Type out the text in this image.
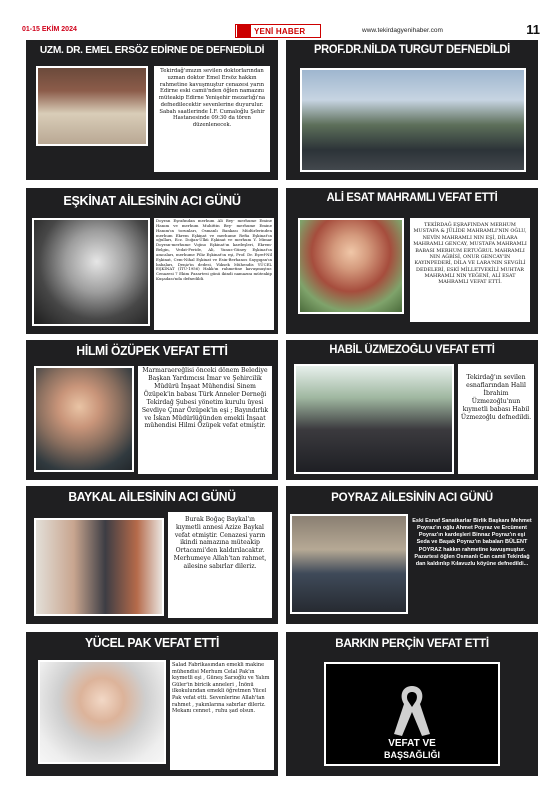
01-15 EKİM 2024	YENİ HABER	www.tekirdagyenihaber.com	11
UZM. DR. EMEL ERSÖZ EDİRNE DE DEFNEDİLDİ
Tekirdağ'ımızın sevilen doktorlarından uzman doktor Emel Ersöz hakkın rahmetine kavuşmuştur cenazesi yarın Edirne eski camii'nden öğlen namazını müteakip Edirne Yenişehir mezarlığı'na defnedilecektir sevenlerine duyurulur. Sabah saatlerinde İ.F. Cumaloğlu Şehir Hastanesinde 09:30 da tören düzenlenecek.
PROF.DR.NİLDA TURGUT DEFNEDİLDİ
EŞKİNAT AİLESİNİN ACI GÜNÜ
Doyran Eşrafından merhum Ali Bey- merhume Emine Hanım ve merhum Muhittin Bey- merhume Emine Hanım'ın torunları, Osmanlı Bankası Müdürlerinden merhum Ekrem Eşkinat ve merhume Refia Eşkinat'ın oğulları, Ecz. Doğan-Ülkü Eşkinat ve merhum Y. Mimar Doyran-merhume Vojino Eşkinat'ın kardeşleri, Ekrem-Belgin, Vedat-Feride, Ali, Yunus-Güney Eşkinat'ın amcaları, merhume Filiz Eşkinat'ın eşi, Prof. Dr. Eşref-Nil Eşkinat, Cem-Nihal Eşkinat ve Esin-Berhanos Saygıgan'ın babaları, Deniz'in dedesi, Yüksek Mühendis YÜCEL EŞKİNAT (İTÜ-1956) Hakk'ın rahmetine kavuşmuştur. Cenazesi 7 Ekim Pazartesi günü ikindi namazını müteakip Kuşadası'nda defnedildi.
ALİ ESAT MAHRAMLI VEFAT ETTİ
TEKİRDAĞ EŞRAFINDAN MERHUM MUSTAFA & JÜLİDE MAHRAMLI'NIN OĞLU, NEVİN MAHRAMLI NIN EŞİ, DİLARA MAHRAMLI GENCAY, MUSTAFA MAHRAMLI BABASI MERHUM ERTUĞRUL MAHRAMLI NIN AĞBİSİ, ONUR GENCAY'IN KAYINPEDERİ, DİLA VE LARA'NIN SEVGİLİ DEDELERİ, ESKİ MİLLETVEKİLİ MUHTAR MAHRAMLI NIN YEĞENİ, ALİ ESAT MAHRAMLI VEFAT ETTİ.
HİLMİ ÖZÜPEK VEFAT ETTİ
Marmaraereğlisi önceki dönem Belediye Başkan Yardımcısı İmar ve Şehircilik Müdürü İnşaat Mühendisi Sinem Özüpek'in babası Türk Anneler Derneği Tekirdağ Şubesi yönetim kurulu üyesi Sevdiye Çınar Özüpek'in eşi ; Bayındırlık ve İskan Müdürlüğünden emekli İnşaat mühendisi Hilmi Özüpek vefat etmiştir.
HABİL ÜZMEZOĞLU VEFAT ETTİ
Tekirdağ'ın sevilen esnaflarından Halil İbrahim Üzmezoğlu'nun kıymetli babası Habil Üzmezoğlu defnedildi.
BAYKAL AİLESİNİN ACI GÜNÜ
Burak Boğaç Baykal'ın kıymetli annesi Azize Baykal vefat etmiştir. Cenazesi yarın ikindi namazına müteakip Ortacami'den kaldırılacaktır. Merhumeye Allah'tan rahmet, ailesine sabırlar dileriz.
POYRAZ AİLESİNİN ACI GÜNÜ
Eski Esnaf Sanatkarlar Birlik Başkanı Mehmet Poyraz'ın oğlu Ahmet Poyraz ve Ercüment Poyraz'ın kardeşleri Binnaz Poyraz'ın eşi Seda ve Başak Poyraz'ın babaları BÜLENT POYRAZ hakkın rahmetine kavuşmuştur. Pazartesi öğlen Osmanlı Can camii Tekirdağ dan kaldırılıp Kılavuzlu köyüne defnedildi...
YÜCEL PAK VEFAT ETTİ
Salad Fabrikasından emekli makine mühendisi Merhum Celal Pak'ın kıymetli eşi , Güneş Sarıoğlu ve Yalım Güler'in biricik anneleri , İnönü ilkokulundan emekli öğretmen Yücel Pak vefat etti. Sevenlerine Allah'tan rahmet , yakınlarına sabırlar dileriz. Mekanı cennet , ruhu şad olsun.
BARKIN PERÇİN VEFAT ETTİ
VEFAT VE
BAŞSAĞLIĞI
